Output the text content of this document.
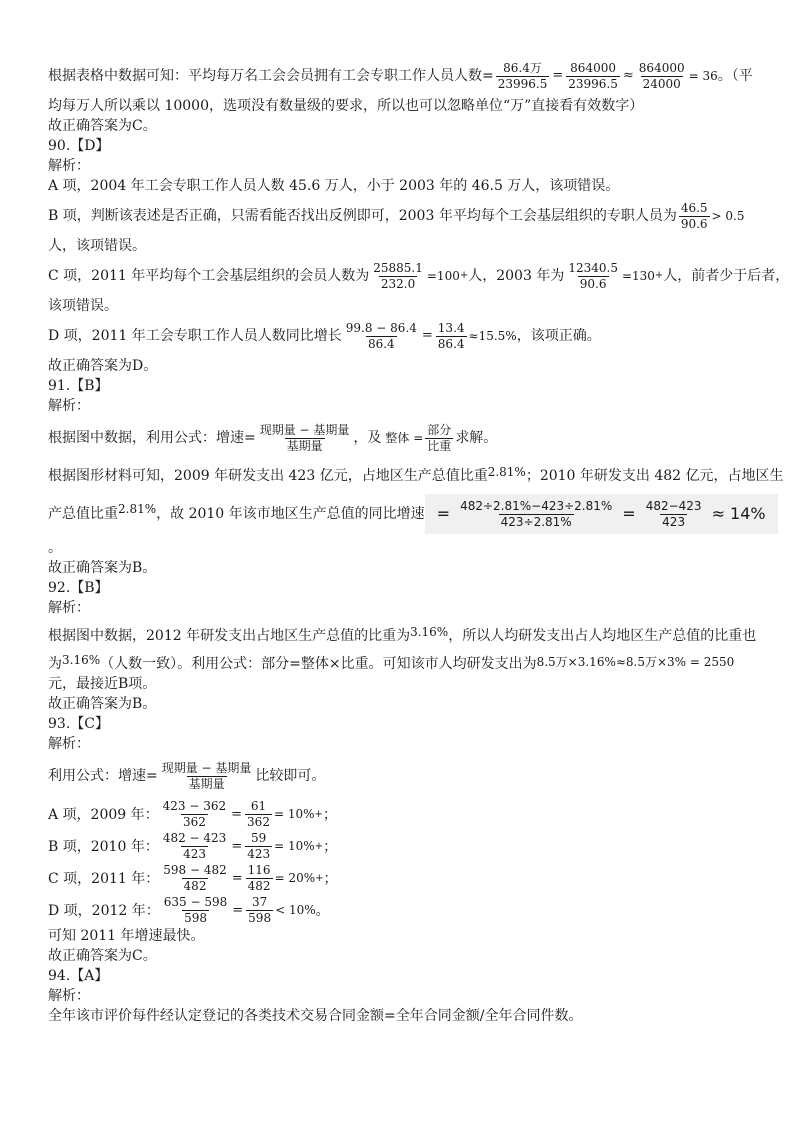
根据表格中数据可知：平均每万名工会会员拥有工会专职工作人员人数= $\frac{\text{86.4万}}{23996.5} = \frac{864000}{23996.5} \approx \frac{864000}{24000} = 36$ 。（平
均每万人所以乘以 10000，选项没有数量级的要求，所以也可以忽略单位“万”直接看有效数字）
故正确答案为C。
90.【D】
解析：
A 项，2004 年工会专职工作人员人数 45.6 万人，小于 2003 年的 46.5 万人，该项错误。
B 项，判断该表述是否正确，只需看能否找出反例即可，2003 年平均每个工会基层组织的专职人员为 $\frac{46.5}{90.6} > 0.5$
人，该项错误。
C 项，2011 年平均每个工会基层组织的会员人数为 $\frac{25885.1}{232.0} =100$ + 人，2003 年为 $\frac{12340.5}{90.6} =130$ + 人，前者少于后者，
该项错误。
D 项，2011 年工会专职工作人员人数同比增长 $\frac{99.8 - 86.4}{86.4} = \frac{13.4}{86.4} \approx 15.5\%$ ，该项正确。
故正确答案为D。
91.【B】
解析：
根据图中数据，利用公式：增速= $\frac{\text{现期量 − 基期量}}{\text{基期量}}$ ，及 整体 = $\frac{\text{部分}}{\text{比重}}$ 求解。
根据图形材料可知，2009 年研发支出 423 亿元，占地区生产总值比重2.81%；2010 年研发支出 482 亿元，占地区生
产总值比重 2.81% ，故 2010 年该市地区生产总值的同比增速 = $\frac{482\div 2.81\%-423\div 2.81\%}{423\div 2.81\%} = \frac{482-423}{423} \approx 14\%$
。
故正确答案为B。
92.【B】
解析：
根据图中数据，2012 年研发支出占地区生产总值的比重为3.16%，所以人均研发支出占人均地区生产总值的比重也
为3.16%（人数一致）。利用公式：部分=整体×比重。可知该市人均研发支出为8.5万×3.16%≈8.5万×3% = 2550
元，最接近B项。
故正确答案为B。
93.【C】
解析：
利用公式：增速= $\frac{\text{现期量 − 基期量}}{\text{基期量}}$ 比较即可。
A 项，2009 年： $\frac{423 - 362}{362} = \frac{61}{362} = 10\%$ + ；
B 项，2010 年： $\frac{482 - 423}{423} = \frac{59}{423} = 10\%$ + ；
C 项，2011 年： $\frac{598 - 482}{482} = \frac{116}{482} = 20\%$ + ；
D 项，2012 年： $\frac{635 - 598}{598} = \frac{37}{598} < 10\%$ 。
可知 2011 年增速最快。
故正确答案为C。
94.【A】
解析：
全年该市评价每件经认定登记的各类技术交易合同金额=全年合同金额/全年合同件数。
